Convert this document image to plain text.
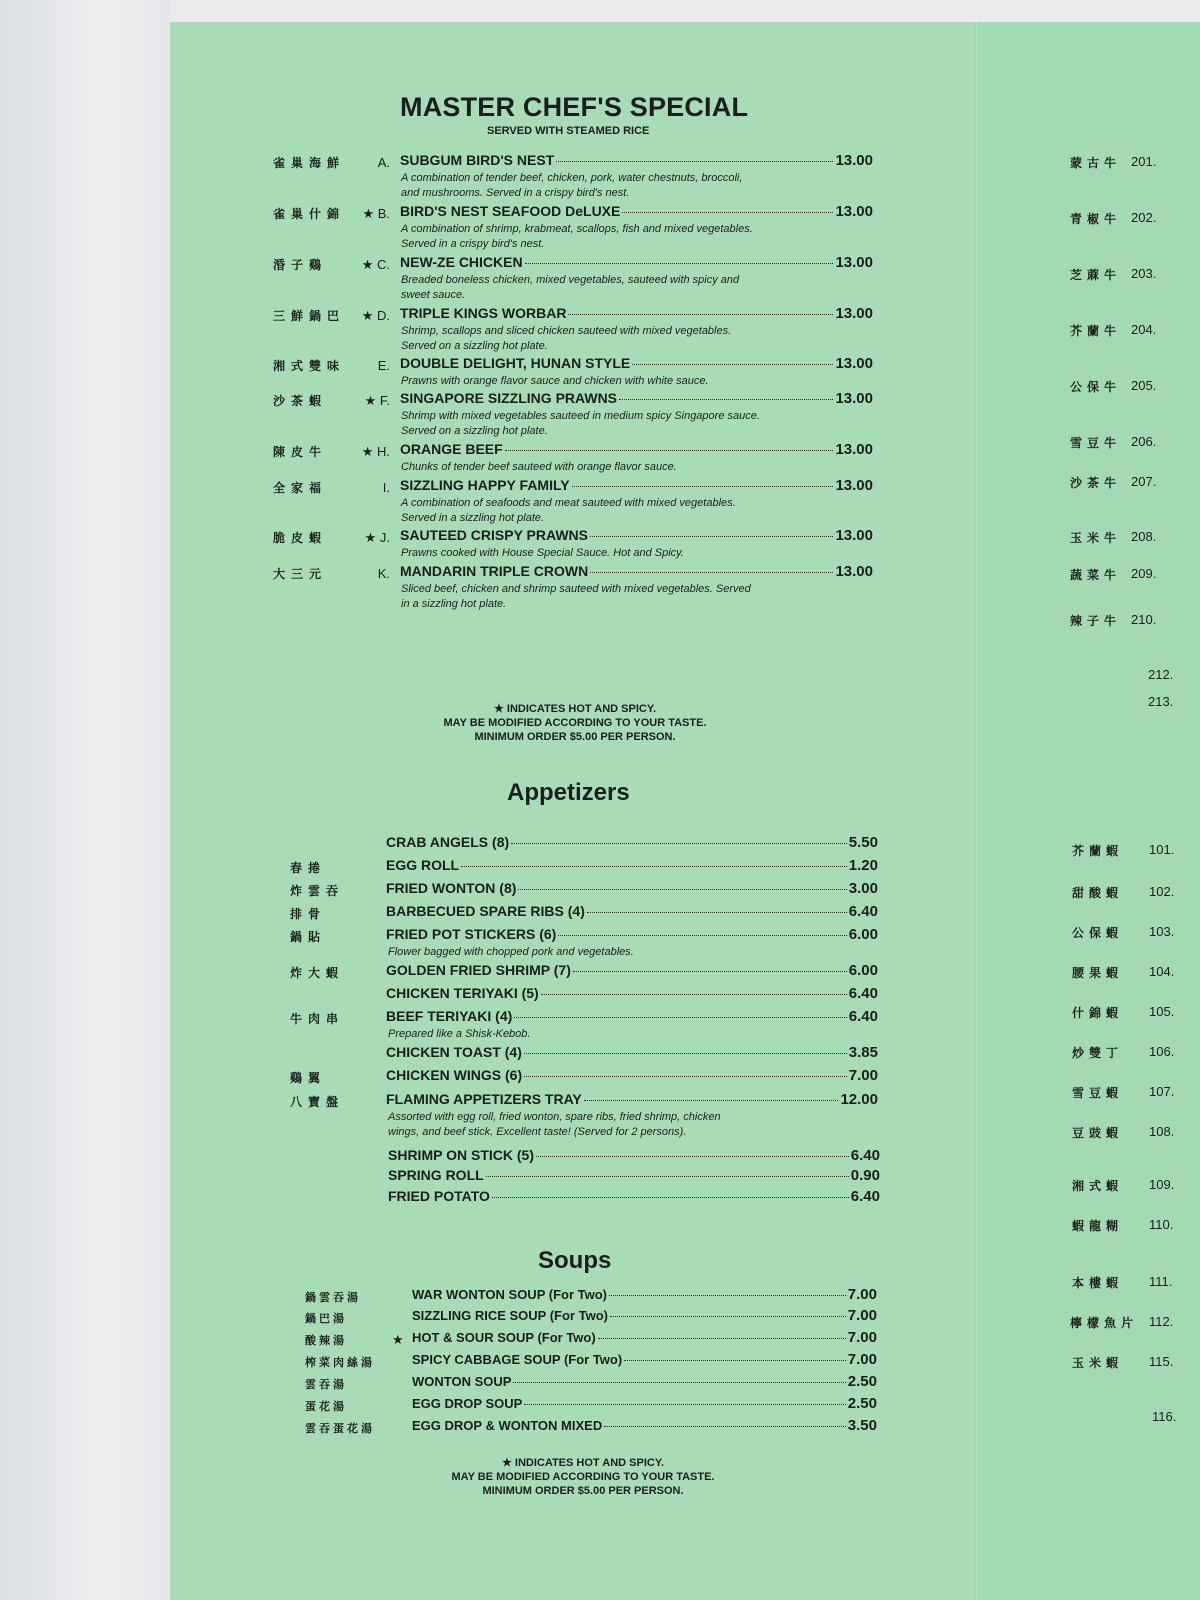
MASTER CHEF'S SPECIAL
SERVED WITH STEAMED RICE
雀巢海鮮	A. SUBGUM BIRD'S NEST	13.00
A combination of tender beef, chicken, pork, water chestnuts, broccoli, and mushrooms. Served in a crispy bird's nest.
雀巢什錦	★ B. BIRD'S NEST SEAFOOD DeLUXE	13.00
A combination of shrimp, krabmeat, scallops, fish and mixed vegetables. Served in a crispy bird's nest.
涽子鷄	★ C. NEW-ZE CHICKEN	13.00
Breaded boneless chicken, mixed vegetables, sauteed with spicy and sweet sauce.
三鮮鍋巴	★ D. TRIPLE KINGS WORBAR	13.00
Shrimp, scallops and sliced chicken sauteed with mixed vegetables. Served on a sizzling hot plate.
湘式雙味	E. DOUBLE DELIGHT, HUNAN STYLE	13.00
Prawns with orange flavor sauce and chicken with white sauce.
沙茶蝦	★ F. SINGAPORE SIZZLING PRAWNS	13.00
Shrimp with mixed vegetables sauteed in medium spicy Singapore sauce. Served on a sizzling hot plate.
陳皮牛	★ H. ORANGE BEEF	13.00
Chunks of tender beef sauteed with orange flavor sauce.
全家福	I. SIZZLING HAPPY FAMILY	13.00
A combination of seafoods and meat sauteed with mixed vegetables. Served in a sizzling hot plate.
脆皮蝦	★ J. SAUTEED CRISPY PRAWNS	13.00
Prawns cooked with House Special Sauce. Hot and Spicy.
大三元	K. MANDARIN TRIPLE CROWN	13.00
Sliced beef, chicken and shrimp sauteed with mixed vegetables. Served in a sizzling hot plate.
★ INDICATES HOT AND SPICY.
MAY BE MODIFIED ACCORDING TO YOUR TASTE.
MINIMUM ORDER $5.00 PER PERSON.
Appetizers
CRAB ANGELS (8)	5.50
春捲	EGG ROLL	1.20
炸雲吞	FRIED WONTON (8)	3.00
排骨	BARBECUED SPARE RIBS (4)	6.40
鍋貼	FRIED POT STICKERS (6)	6.00
Flower bagged with chopped pork and vegetables.
炸大蝦	GOLDEN FRIED SHRIMP (7)	6.00
CHICKEN TERIYAKI (5)	6.40
牛肉串	BEEF TERIYAKI (4)	6.40
Prepared like a Shisk-Kebob.
CHICKEN TOAST (4)	3.85
鷄翼	CHICKEN WINGS (6)	7.00
八寶盤	FLAMING APPETIZERS TRAY	12.00
Assorted with egg roll, fried wonton, spare ribs, fried shrimp, chicken wings, and beef stick, Excellent taste! (Served for 2 persons).
SHRIMP ON STICK (5)	6.40
SPRING ROLL	0.90
FRIED POTATO	6.40
Soups
鍋雲吞湯	WAR WONTON SOUP (For Two)	7.00
鍋巴湯	SIZZLING RICE SOUP (For Two)	7.00
酸辣湯	★ HOT & SOUR SOUP (For Two)	7.00
榨菜肉絲湯	SPICY CABBAGE SOUP (For Two)	7.00
雲吞湯	WONTON SOUP	2.50
蛋花湯	EGG DROP SOUP	2.50
雲吞蛋花湯	EGG DROP & WONTON MIXED	3.50
★ INDICATES HOT AND SPICY.
MAY BE MODIFIED ACCORDING TO YOUR TASTE.
MINIMUM ORDER $5.00 PER PERSON.
蒙古牛 201.
青椒牛 202.
芝蔴牛 203.
芥蘭牛 204.
公保牛 205.
雪豆牛 206.
沙茶牛 207.
玉米牛 208.
蔬菜牛 209.
辣子牛 210.
212.
213.
芥蘭蝦 101.
甜酸蝦 102.
公保蝦 103.
腰果蝦 104.
什錦蝦 105.
炒雙丁 106.
雪豆蝦 107.
豆豉蝦 108.
湘式蝦 109.
蝦龍糊 110.
本樓蝦 111.
檸檬魚片 112.
玉米蝦 115.
116.
